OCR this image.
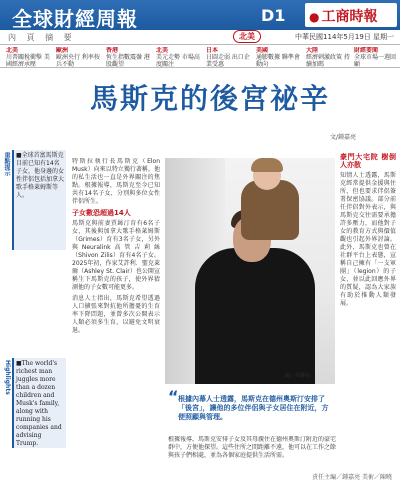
全球財經周報	D1
●	工商時報
內 頁 摘 要	北美	中華民國114年5月19日 星期一
北美
川普關稅衝擊 美國經濟承壓
歐洲
歐洲央行 利率按兵不動
香港
恆生指數震盪 港股觀望
北美
美元走勢 市場高度關注
日本
日圓走弱 出口企業受惠
美國
通膨數據 聯準會動向
大陸
經濟刺激政策 持續加碼
財經要聞
全球市場一週回顧
馬斯克的後宮祕辛
文/鍾嘉亮
重點提示	■全球首富馬斯克目前已知有14名子女，他身邊的女性伴侶包括加拿大歌手格萊姆斯等人。
Highlights ■The world's richest man juggles more than a dozen children and Musk's family, along with running his companies and advising Trump.
特斯拉執行長馬斯克（Elon Musk）向來以特立獨行著稱，他的私生活也一直是外界關注的焦點。根據報導，馬斯克至今已知共有14名子女，分別與多位女性伴侶所生。
子女數恐超過14人
馬斯克與前妻賈絲汀育有6名子女，其後與加拿大歌手格萊姆斯（Grimes）育有3名子女，另外與Neuralink高管吉莉絲（Shivon Zilis）育有4名子女。2025年初，作家艾許利．聖克萊爾（Ashley St. Clair）也公開宣稱生下馬斯克的孩子，使外界猜測他的子女數可能更多。
消息人士指出，馬斯克希望透過人口擴張來對抗他所擔憂的生育率下降問題，並曾多次公開表示人類必須多生育，以避免文明衰退。
圖／美聯社
根據報導，馬斯克安排子女及其母親住在德州奧斯汀附近的豪宅群中，方便他探望。這些住所之間距離不遠，他可以在工作之餘與孩子們相處，並為各個家庭提供生活所需。
“ 根據內幕人士透露，馬斯克在德州奧斯汀安排了「後宮」，讓他的多位伴侶與子女居住在附近，方便照顧與管理。
豪門大宅院 樹倒人亦散
知情人士透露，馬斯克經常提供金援與住所，但也要求伴侶簽署保密協議。部分前任伴侶對外表示，與馬斯克交往需要承擔許多壓力，而他對子女的教育方式與價值觀也引起外界討論。此外，馬斯克也曾在社群平台上表態，宣稱自己擁有「一支軍團」（legion）的子女，並以此回應外界的質疑，認為大家族有助於推動人類發展。
責任主編／鍾嘉亮 美術／陳曉
